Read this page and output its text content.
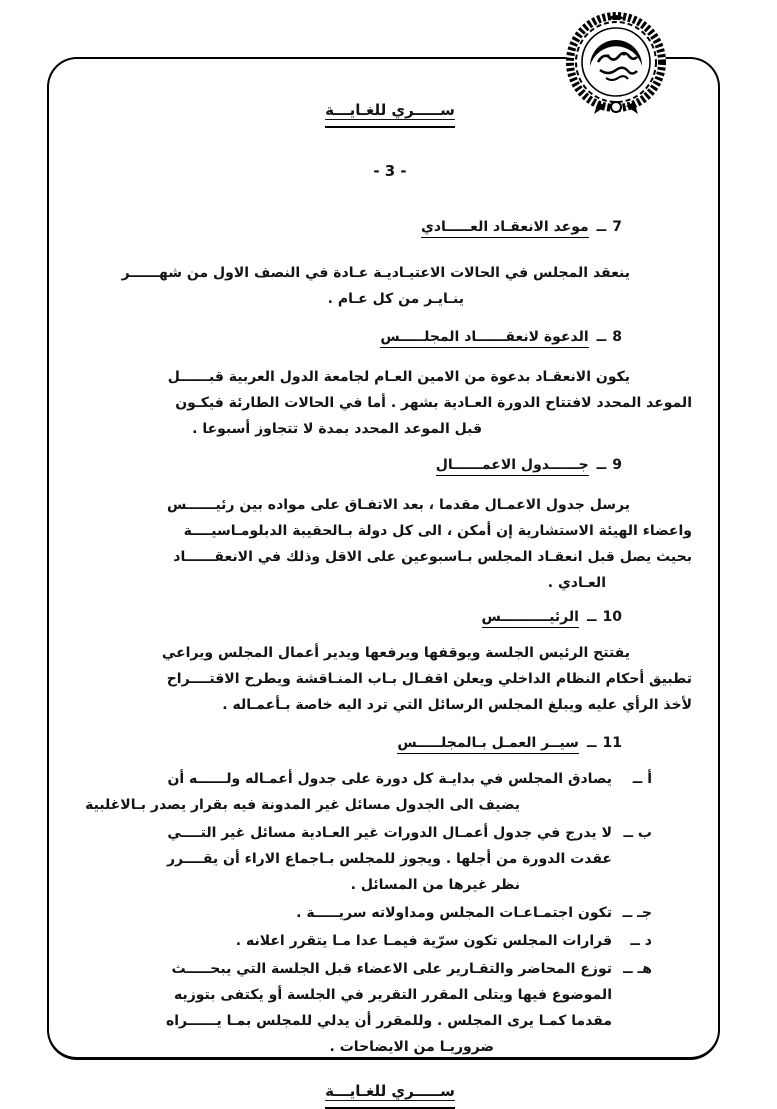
ســـــري للغـايـــة
- 3 -
7ــموعد الانعقـاد العـــــادي
ينعقد المجلس في الحالات الاعتيـاديـة عـادة في النصف الاول من شهــــــر
ينـايـر من كل عـام .
8ــالدعوة لانعقــــــاد المجلـــــس
يكون الانعقـاد بدعوة من الامين العـام لجامعة الدول العربية قبــــــل
الموعد المحدد لافتتاح الدورة العـادية بشهر . أما في الحالات الطارئة فيكـون
قبل الموعد المحدد بمدة لا تتجاوز أسبوعا .
9ــجــــــدول الاعمــــــال
يرسل جدول الاعمـال مقدما ، بعد الاتفـاق على مواده بين رئيــــــس
واعضاء الهيئة الاستشارية إن أمكن ، الى كل دولة بـالحقيبة الدبلومـاسيــــة
بحيث يصل قبل انعقـاد المجلس بـاسبوعين على الاقل وذلك في الانعقــــــاد
العـادي .
10ــالرئيــــــــــس
يفتتح الرئيس الجلسة ويوقفها ويرفعها ويدير أعمال المجلس ويراعي
تطبيق أحكام النظام الداخلي ويعلن اقفـال بـاب المنـاقشة ويطرح الاقتــــراح
لأخذ الرأي عليه ويبلغ المجلس الرسائل التي ترد اليه خاصة بـأعمـاله .
11ــسيــر العمـل بـالمجلـــــس
أ ــ
يصادق المجلس في بدايـة كل دورة على جدول أعمـاله ولــــــه أن
يضيف الى الجدول مسائل غير المدونة فيه بقرار يصدر بـالاغلبية
ب ــ
لا يدرج في جدول أعمـال الدورات غير العـادية مسائل غير التــــي
عقدت الدورة من أجلها . ويجوز للمجلس بـاجماع الاراء أن يقــــرر
نظر غيرها من المسائل .
جـ ــ
تكون اجتمـاعـات المجلس ومداولاته سريـــــة .
د ــ
قرارات المجلس تكون سرّية فيمـا عدا مـا يتقرر اعلانه .
هـ ــ
توزع المحاضر والتقـارير على الاعضاء قبل الجلسة التي يبحـــــث
الموضوع فيها ويتلى المقرر التقرير في الجلسة أو يكتفى بتوزيه
مقدما كمـا يرى المجلس . وللمقرر أن يدلي للمجلس بمـا يــــــراه
ضروريـا من الايضاحات .
ســـــري للغـايـــة
